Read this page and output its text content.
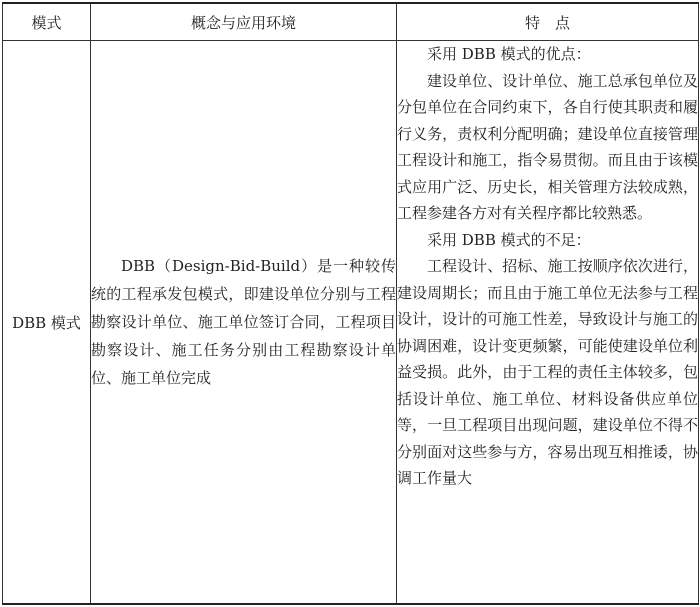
模式	概念与应用环境	特　点
DBB 模式	DBB（Design-Bid-Build）是一种较传统的工程承发包模式，即建设单位分别与工程勘察设计单位、施工单位签订合同，工程项目勘察设计、施工任务分别由工程勘察设计单位、施工单位完成	采用 DBB 模式的优点：

建设单位、设计单位、施工总承包单位及分包单位在合同约束下，各自行使其职责和履行义务，责权利分配明确；建设单位直接管理工程设计和施工，指令易贯彻。而且由于该模式应用广泛、历史长，相关管理方法较成熟，工程参建各方对有关程序都比较熟悉。

采用 DBB 模式的不足：

工程设计、招标、施工按顺序依次进行，建设周期长；而且由于施工单位无法参与工程设计，设计的可施工性差，导致设计与施工的协调困难，设计变更频繁，可能使建设单位利益受损。此外，由于工程的责任主体较多，包括设计单位、施工单位、材料设备供应单位等，一旦工程项目出现问题，建设单位不得不分别面对这些参与方，容易出现互相推诿，协调工作量大
